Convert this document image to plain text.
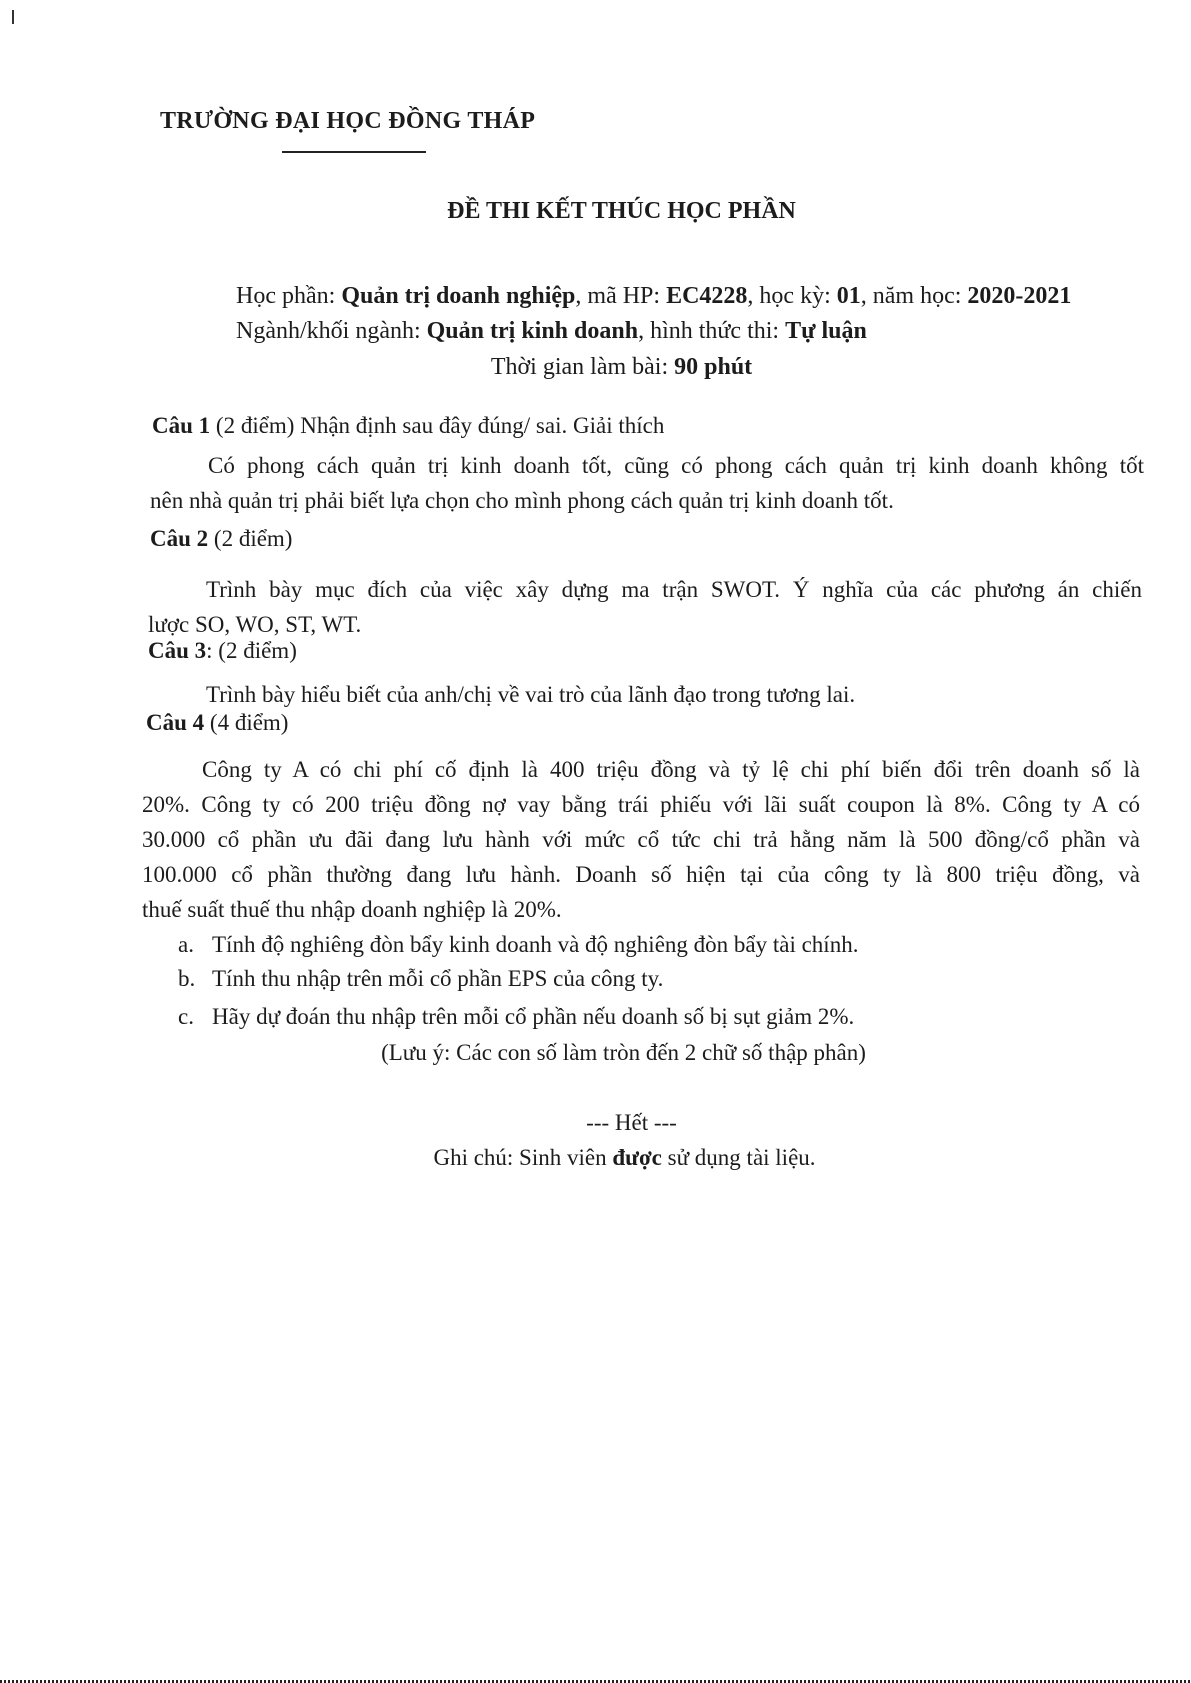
TRƯỜNG ĐẠI HỌC ĐỒNG THÁP
ĐỀ THI KẾT THÚC HỌC PHẦN
Học phần: Quản trị doanh nghiệp, mã HP: EC4228, học kỳ: 01, năm học: 2020-2021
Ngành/khối ngành: Quản trị kinh doanh, hình thức thi: Tự luận
Thời gian làm bài: 90 phút
Câu 1 (2 điểm) Nhận định sau đây đúng/ sai. Giải thích
Có phong cách quản trị kinh doanh tốt, cũng có phong cách quản trị kinh doanh không tốt
nên nhà quản trị phải biết lựa chọn cho mình phong cách quản trị kinh doanh tốt.
Câu 2 (2 điểm)
Trình bày mục đích của việc xây dựng ma trận SWOT. Ý nghĩa của các phương án chiến
lược SO, WO, ST, WT.
Câu 3: (2 điểm)
Trình bày hiểu biết của anh/chị về vai trò của lãnh đạo trong tương lai.
Câu 4 (4 điểm)
Công ty A có chi phí cố định là 400 triệu đồng và tỷ lệ chi phí biến đổi trên doanh số là
20%. Công ty có 200 triệu đồng nợ vay bằng trái phiếu với lãi suất coupon là 8%. Công ty A có
30.000 cổ phần ưu đãi đang lưu hành với mức cổ tức chi trả hằng năm là 500 đồng/cổ phần và
100.000 cổ phần thường đang lưu hành. Doanh số hiện tại của công ty là 800 triệu đồng, và
thuế suất thuế thu nhập doanh nghiệp là 20%.
a. Tính độ nghiêng đòn bẩy kinh doanh và độ nghiêng đòn bẩy tài chính.
b. Tính thu nhập trên mỗi cổ phần EPS của công ty.
c. Hãy dự đoán thu nhập trên mỗi cổ phần nếu doanh số bị sụt giảm 2%.
(Lưu ý: Các con số làm tròn đến 2 chữ số thập phân)
--- Hết ---
Ghi chú: Sinh viên được sử dụng tài liệu.
